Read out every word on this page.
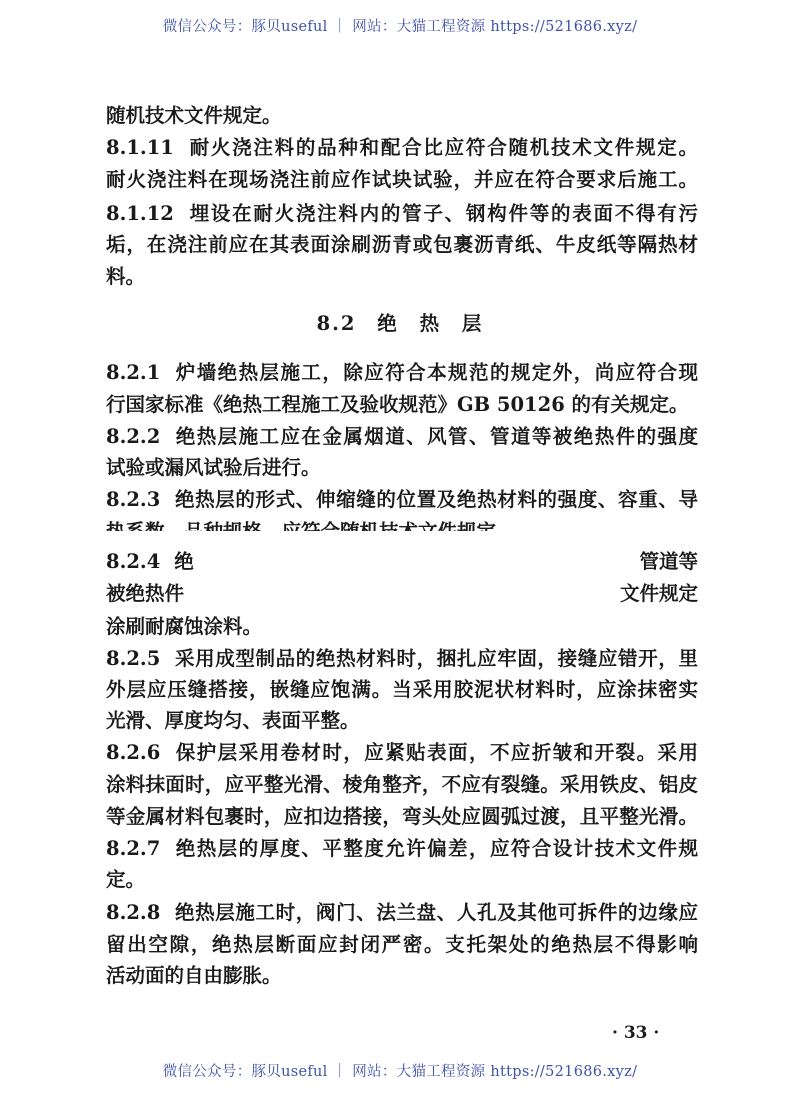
微信公众号：豚贝useful ｜ 网站：大猫工程资源 https://521686.xyz/
8.2 绝 热 层
随机技术文件规定。
8.1.11 耐火浇注料的品种和配合比应符合随机技术文件规定。
耐火浇注料在现场浇注前应作试块试验，并应在符合要求后施工。
8.1.12 埋设在耐火浇注料内的管子、钢构件等的表面不得有污
垢，在浇注前应在其表面涂刷沥青或包裹沥青纸、牛皮纸等隔热材
料。
8.2.1 炉墙绝热层施工，除应符合本规范的规定外，尚应符合现
行国家标准《绝热工程施工及验收规范》GB 50126 的有关规定。
8.2.2 绝热层施工应在金属烟道、风管、管道等被绝热件的强度
试验或漏风试验后进行。
8.2.3 绝热层的形式、伸缩缝的位置及绝热材料的强度、容重、导
8.2.4 绝	管道等
被绝热件	文件规定
涂刷耐腐蚀涂料。
8.2.5 采用成型制品的绝热材料时，捆扎应牢固，接缝应错开，里
外层应压缝搭接，嵌缝应饱满。当采用胶泥状材料时，应涂抹密实
光滑、厚度均匀、表面平整。
8.2.6 保护层采用卷材时，应紧贴表面，不应折皱和开裂。采用
涂料抹面时，应平整光滑、棱角整齐，不应有裂缝。采用铁皮、铝皮
等金属材料包裹时，应扣边搭接，弯头处应圆弧过渡，且平整光滑。
8.2.7 绝热层的厚度、平整度允许偏差，应符合设计技术文件规
定。
8.2.8 绝热层施工时，阀门、法兰盘、人孔及其他可拆件的边缘应
留出空隙，绝热层断面应封闭严密。支托架处的绝热层不得影响
活动面的自由膨胀。
· 33 ·
微信公众号：豚贝useful ｜ 网站：大猫工程资源 https://521686.xyz/
